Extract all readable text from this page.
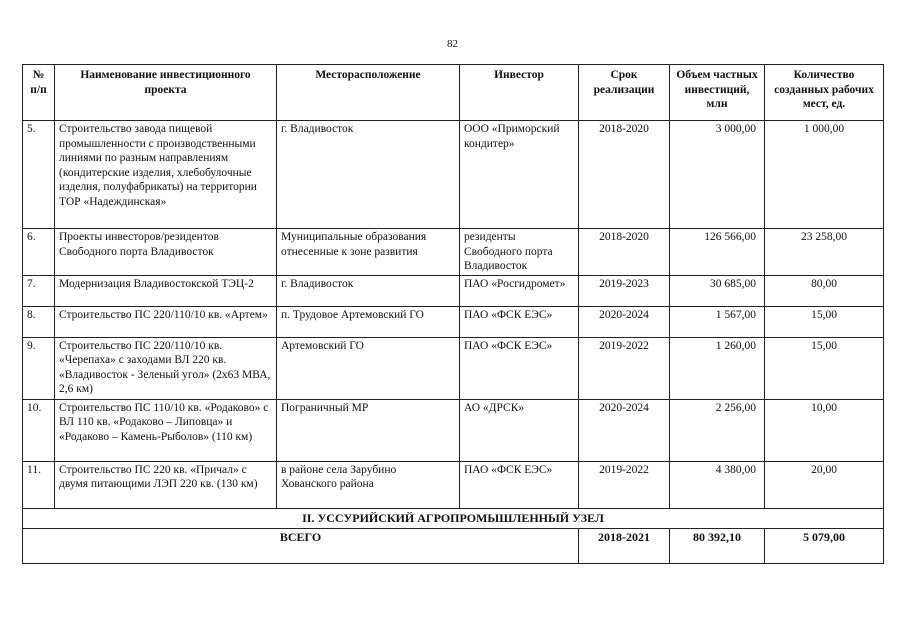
82
№ п/п	Наименование инвестиционного проекта	Месторасположение	Инвестор	Срок реализации	Объем частных инвестиций, млн	Количество созданных рабочих мест, ед.
5.	Строительство завода пищевой промышленности с производственными линиями по разным направлениям (кондитерские изделия, хлебобулочные изделия, полуфабрикаты) на территории ТОР «Надеждинская»	г. Владивосток	ООО «Приморский кондитер»	2018-2020	3 000,00	1 000,00
6.	Проекты инвесторов/резидентов Свободного порта Владивосток	Муниципальные образования отнесенные к зоне развития	резиденты Свободного порта Владивосток	2018-2020	126 566,00	23 258,00
7.	Модернизация Владивостокской ТЭЦ-2	г. Владивосток	ПАО «Росгидромет»	2019-2023	30 685,00	80,00
8.	Строительство ПС 220/110/10 кв. «Артем»	п. Трудовое Артемовский ГО	ПАО «ФСК ЕЭС»	2020-2024	1 567,00	15,00
9.	Строительство ПС 220/110/10 кв. «Черепаха» с заходами ВЛ 220 кв. «Владивосток - Зеленый угол» (2х63 МВА, 2,6 км)	Артемовский ГО	ПАО «ФСК ЕЭС»	2019-2022	1 260,00	15,00
10.	Строительство ПС 110/10 кв. «Родаково» с ВЛ 110 кв. «Родаково – Липовца» и «Родаково – Камень-Рыболов» (110 км)	Пограничный МР	АО «ДРСК»	2020-2024	2 256,00	10,00
11.	Строительство ПС 220 кв. «Причал» с двумя питающими ЛЭП 220 кв. (130 км)	в районе села Зарубино Хованского района	ПАО «ФСК ЕЭС»	2019-2022	4 380,00	20,00
II. УССУРИЙСКИЙ АГРОПРОМЫШЛЕННЫЙ УЗЕЛ						
ВСЕГО				2018-2021	80 392,10	5 079,00
